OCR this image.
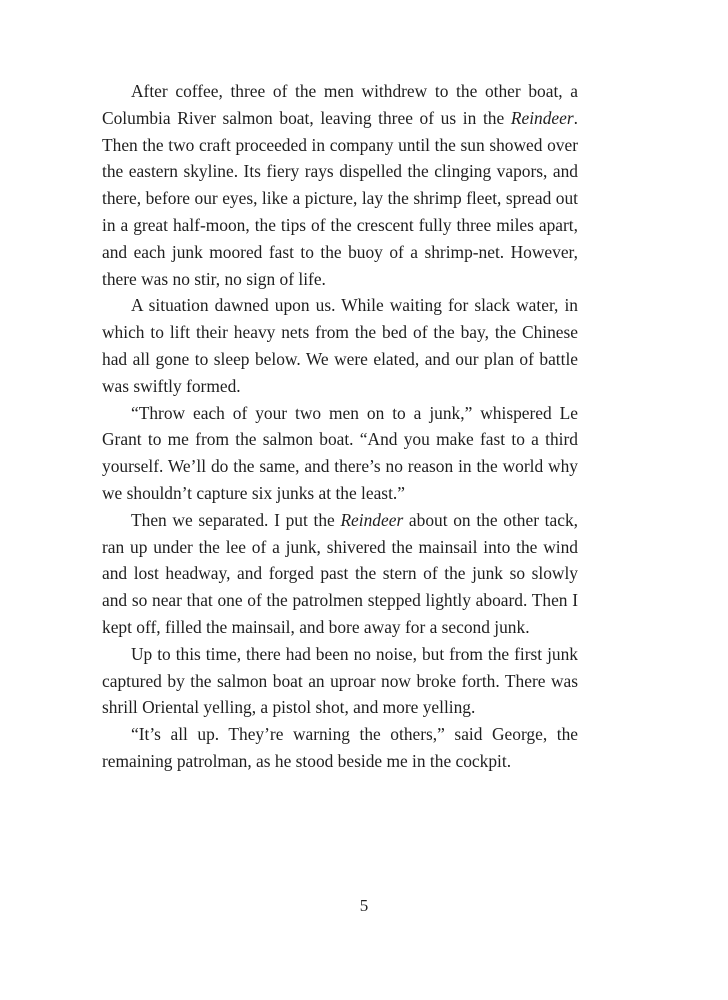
After coffee, three of the men withdrew to the other boat, a Columbia River salmon boat, leaving three of us in the Reindeer. Then the two craft proceeded in company until the sun showed over the eastern skyline. Its fiery rays dispelled the clinging vapors, and there, before our eyes, like a picture, lay the shrimp fleet, spread out in a great half-moon, the tips of the crescent fully three miles apart, and each junk moored fast to the buoy of a shrimp-net. However, there was no stir, no sign of life.

A situation dawned upon us. While waiting for slack water, in which to lift their heavy nets from the bed of the bay, the Chinese had all gone to sleep below. We were elated, and our plan of battle was swiftly formed.

“Throw each of your two men on to a junk,” whispered Le Grant to me from the salmon boat. “And you make fast to a third yourself. We’ll do the same, and there’s no reason in the world why we shouldn’t capture six junks at the least.”

Then we separated. I put the Reindeer about on the other tack, ran up under the lee of a junk, shivered the mainsail into the wind and lost headway, and forged past the stern of the junk so slowly and so near that one of the patrolmen stepped lightly aboard. Then I kept off, filled the mainsail, and bore away for a second junk.

Up to this time, there had been no noise, but from the first junk captured by the salmon boat an uproar now broke forth. There was shrill Oriental yelling, a pistol shot, and more yelling.

“It’s all up. They’re warning the others,” said George, the remaining patrolman, as he stood beside me in the cockpit.

5
